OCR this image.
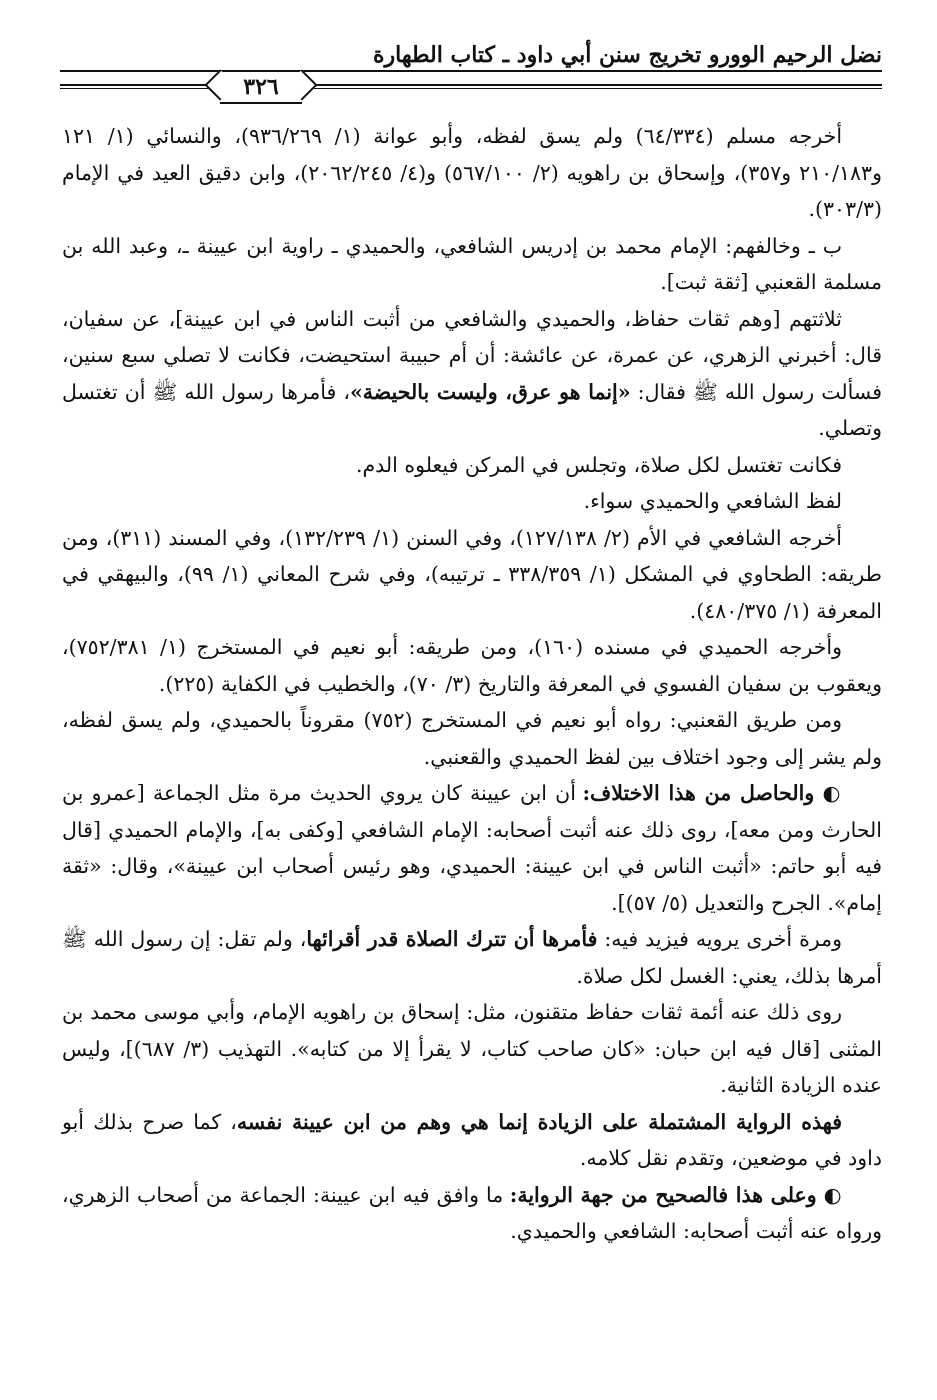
نضل الرحيم الوورو تخريج سنن أبي داود ـ كتاب الطهارة
٣٢٦

أخرجه مسلم (٦٤/٣٣٤) ولم يسق لفظه، وأبو عوانة (١/ ٩٣٦/٢٦٩)، والنسائي (١/ ١٢١ و٢١٠/١٨٣ و٣٥٧)، وإسحاق بن راهويه (٢/ ٥٦٧/١٠٠) و(٤/ ٢٠٦٢/٢٤٥)، وابن دقيق العيد في الإمام (٣٠٣/٣).

ب ـ وخالفهم: الإمام محمد بن إدريس الشافعي، والحميدي ـ راوية ابن عيينة ـ، وعبد الله بن مسلمة القعنبي [ثقة ثبت].

ثلاثتهم [وهم ثقات حفاظ، والحميدي والشافعي من أثبت الناس في ابن عيينة]، عن سفيان، قال: أخبرني الزهري، عن عمرة، عن عائشة: أن أم حبيبة استحيضت، فكانت لا تصلي سبع سنين، فسألت رسول الله ﷺ فقال: «إنما هو عرق، وليست بالحيضة»، فأمرها رسول الله ﷺ أن تغتسل وتصلي.

فكانت تغتسل لكل صلاة، وتجلس في المركن فيعلوه الدم.

لفظ الشافعي والحميدي سواء.

أخرجه الشافعي في الأم (٢/ ١٢٧/١٣٨)، وفي السنن (١/ ١٣٢/٢٣٩)، وفي المسند (٣١١)، ومن طريقه: الطحاوي في المشكل (١/ ٣٣٨/٣٥٩ ـ ترتيبه)، وفي شرح المعاني (١/ ٩٩)، والبيهقي في المعرفة (١/ ٤٨٠/٣٧٥).

وأخرجه الحميدي في مسنده (١٦٠)، ومن طريقه: أبو نعيم في المستخرج (١/ ٧٥٢/٣٨١)، ويعقوب بن سفيان الفسوي في المعرفة والتاريخ (٣/ ٧٠)، والخطيب في الكفاية (٢٢٥).

ومن طريق القعنبي: رواه أبو نعيم في المستخرج (٧٥٢) مقروناً بالحميدي، ولم يسق لفظه، ولم يشر إلى وجود اختلاف بين لفظ الحميدي والقعنبي.

◐ والحاصل من هذا الاختلاف: أن ابن عيينة كان يروي الحديث مرة مثل الجماعة [عمرو بن الحارث ومن معه]، روى ذلك عنه أثبت أصحابه: الإمام الشافعي [وكفى به]، والإمام الحميدي [قال فيه أبو حاتم: «أثبت الناس في ابن عيينة: الحميدي، وهو رئيس أصحاب ابن عيينة»، وقال: «ثقة إمام». الجرح والتعديل (٥/ ٥٧)].

ومرة أخرى يرويه فيزيد فيه: فأمرها أن تترك الصلاة قدر أقرائها، ولم تقل: إن رسول الله ﷺ أمرها بذلك، يعني: الغسل لكل صلاة.

روى ذلك عنه أئمة ثقات حفاظ متقنون، مثل: إسحاق بن راهويه الإمام، وأبي موسى محمد بن المثنى [قال فيه ابن حبان: «كان صاحب كتاب، لا يقرأ إلا من كتابه». التهذيب (٣/ ٦٨٧)]، وليس عنده الزيادة الثانية.

فهذه الرواية المشتملة على الزيادة إنما هي وهم من ابن عيينة نفسه، كما صرح بذلك أبو داود في موضعين، وتقدم نقل كلامه.

◐ وعلى هذا فالصحيح من جهة الرواية: ما وافق فيه ابن عيينة: الجماعة من أصحاب الزهري، ورواه عنه أثبت أصحابه: الشافعي والحميدي.
